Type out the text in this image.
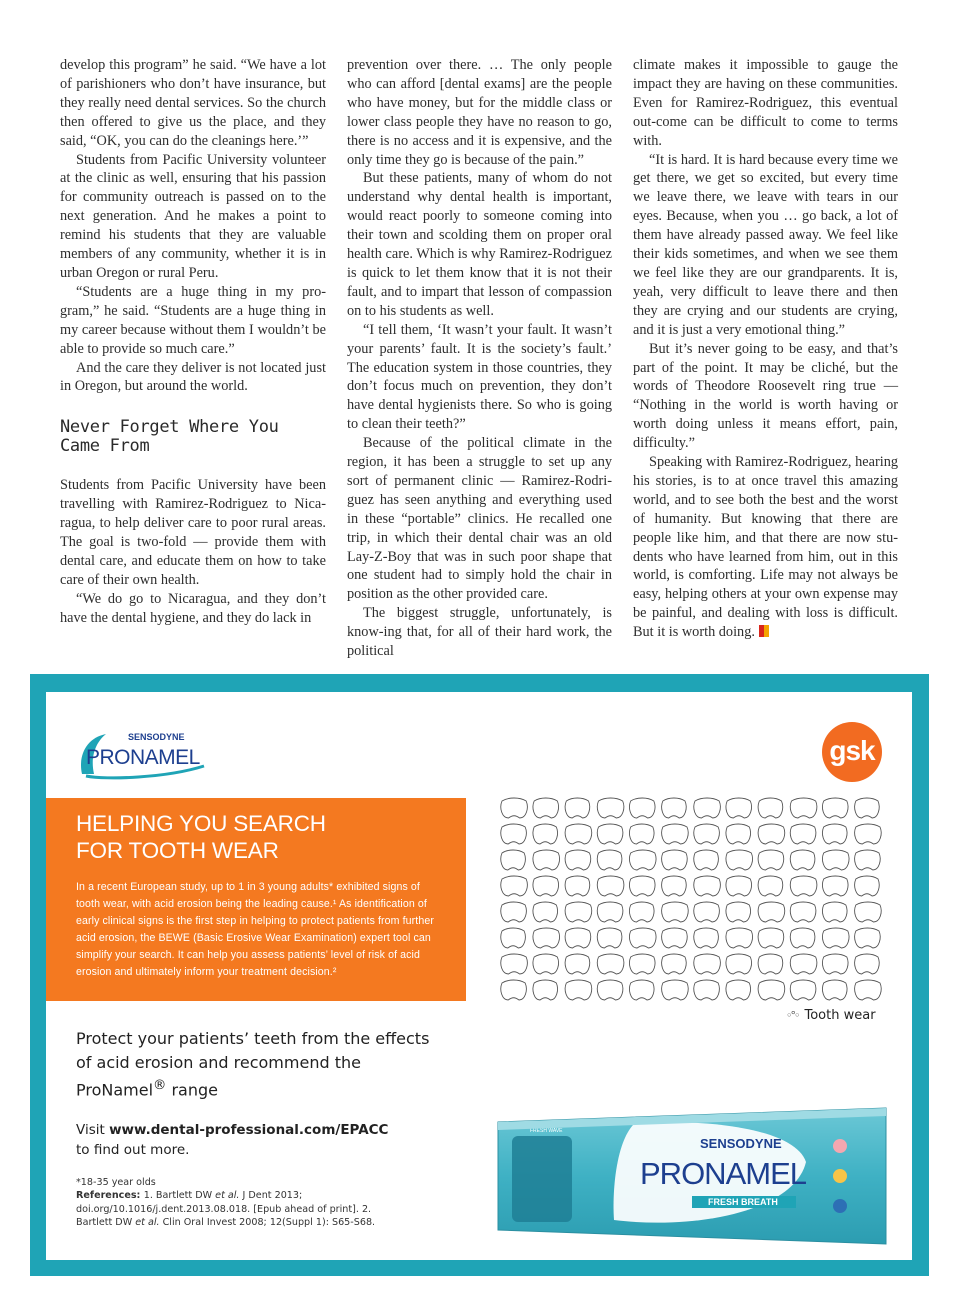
develop this program” he said. “We have a lot of parishioners who don’t have insurance, but they really need dental services. So the church then offered to give us the place, and they said, “OK, you can do the cleanings here.’”

Students from Pacific University volunteer at the clinic as well, ensuring that his passion for community outreach is passed on to the next generation. And he makes a point to remind his students that they are valuable members of any community, whether it is in urban Oregon or rural Peru.

“Students are a huge thing in my pro-gram,” he said. “Students are a huge thing in my career because without them I wouldn’t be able to provide so much care.”

And the care they deliver is not located just in Oregon, but around the world.

Never Forget Where You Came From

Students from Pacific University have been travelling with Ramirez-Rodriguez to Nica-ragua, to help deliver care to poor rural areas. The goal is two-fold — provide them with dental care, and educate them on how to take care of their own health.

“We do go to Nicaragua, and they don’t have the dental hygiene, and they do lack in

prevention over there. … The only people who can afford [dental exams] are the people who have money, but for the middle class or lower class people they have no reason to go, there is no access and it is expensive, and the only time they go is because of the pain.”

But these patients, many of whom do not understand why dental health is important, would react poorly to someone coming into their town and scolding them on proper oral health care. Which is why Ramirez-Rodriguez is quick to let them know that it is not their fault, and to impart that lesson of compassion on to his students as well.

“I tell them, ‘It wasn’t your fault. It wasn’t your parents’ fault. It is the society’s fault.’ The education system in those countries, they don’t focus much on prevention, they don’t have dental hygienists there. So who is going to clean their teeth?”

Because of the political climate in the region, it has been a struggle to set up any sort of permanent clinic — Ramirez-Rodri-guez has seen anything and everything used in these “portable” clinics. He recalled one trip, in which their dental chair was an old Lay-Z-Boy that was in such poor shape that one student had to simply hold the chair in position as the other provided care.

The biggest struggle, unfortunately, is know-ing that, for all of their hard work, the political

climate makes it impossible to gauge the impact they are having on these communities. Even for Ramirez-Rodriguez, this eventual out-come can be difficult to come to terms with.

“It is hard. It is hard because every time we get there, we get so excited, but every time we leave there, we leave with tears in our eyes. Because, when you … go back, a lot of them have already passed away. We feel like their kids sometimes, and when we see them we feel like they are our grandparents. It is, yeah, very difficult to leave there and then they are crying and our students are crying, and it is just a very emotional thing.”

But it’s never going to be easy, and that’s part of the point. It may be cliché, but the words of Theodore Roosevelt ring true — “Nothing in the world is worth having or worth doing unless it means effort, pain, difficulty.”

Speaking with Ramirez-Rodriguez, hearing his stories, is to at once travel this amazing world, and to see both the best and the worst of humanity. But knowing that there are people like him, and that there are now stu-dents who have learned from him, out in this world, is comforting. Life may not always be easy, helping others at your own expense may be painful, and dealing with loss is difficult. But it is worth doing.

SENSODYNE
PRONAMEL	gsk
HELPING YOU SEARCH
FOR TOOTH WEAR

In a recent European study, up to 1 in 3 young adults* exhibited signs of tooth wear, with acid erosion being the leading cause.¹ As identification of early clinical signs is the first step in helping to protect patients from further acid erosion, the BEWE (Basic Erosive Wear Examination) expert tool can simplify your search. It can help you assess patients’ level of risk of acid erosion and ultimately inform your treatment decision.²

◦°◦ Tooth wear
Protect your patients’ teeth from the effects of acid erosion and recommend the ProNamel® range
Visit www.dental-professional.com/EPACC
to find out more.
*18-35 year olds
References: 1. Bartlett DW et al. J Dent 2013; doi.org/10.1016/j.dent.2013.08.018. [Epub ahead of print]. 2. Bartlett DW et al. Clin Oral Invest 2008; 12(Suppl 1): S65-S68.
FRESH WAVE
SENSODYNE
PRONAMEL
FRESH BREATH
